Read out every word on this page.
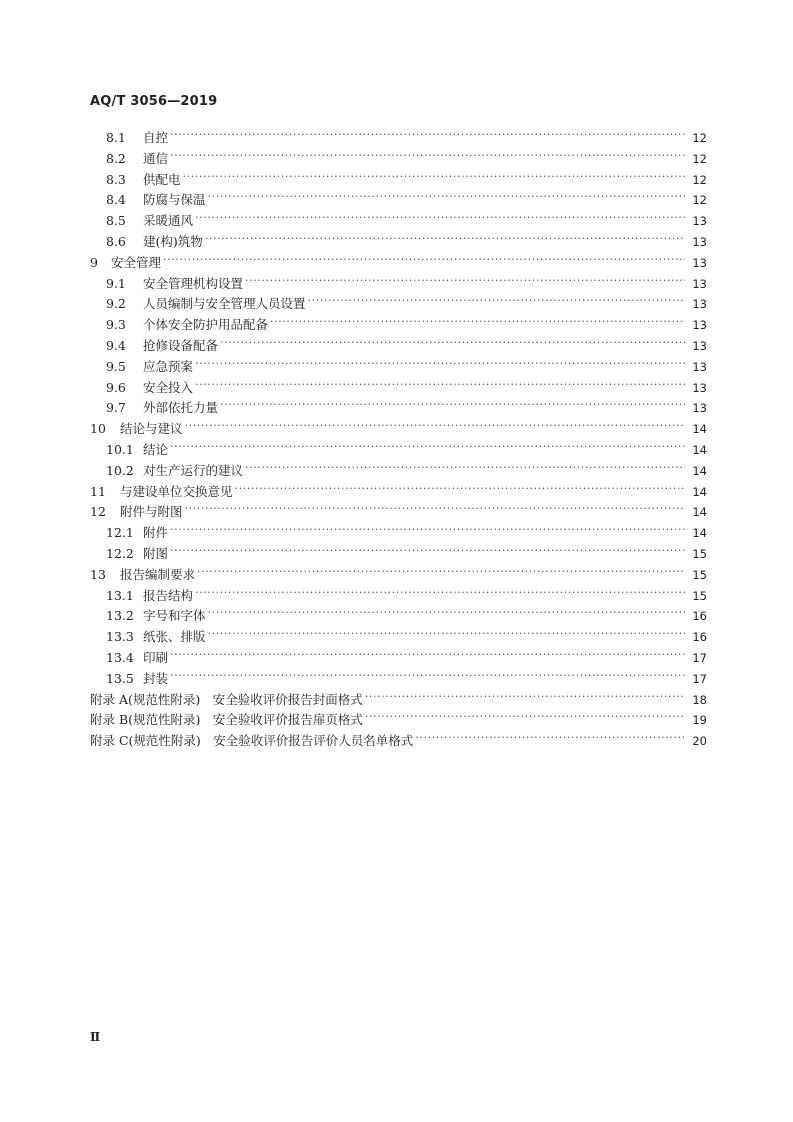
AQ/T 3056—2019
8.1	自控 ·····	12
8.2	通信 ·····	12
8.3	供配电 ·····	12
8.4	防腐与保温 ·····	12
8.5	采暖通风 ·····	13
8.6	建(构)筑物 ·····	13
9	安全管理 ·····	13
9.1	安全管理机构设置 ·····	13
9.2	人员编制与安全管理人员设置 ·····	13
9.3	个体安全防护用品配备 ·····	13
9.4	抢修设备配备 ·····	13
9.5	应急预案 ·····	13
9.6	安全投入 ·····	13
9.7	外部依托力量 ·····	13
10	结论与建议 ·····	14
10.1 结论 ·····	14
10.2 对生产运行的建议 ·····	14
11	与建设单位交换意见 ·····	14
12	附件与附图 ·····	14
12.1 附件 ·····	14
12.2 附图 ·····	15
13	报告编制要求 ·····	15
13.1 报告结构 ·····	15
13.2 字号和字体 ·····	16
13.3 纸张、排版 ·····	16
13.4 印刷 ·····	17
13.5 封装 ·····	17
附录 A(规范性附录)　安全验收评价报告封面格式 ·····	18
附录 B(规范性附录)　安全验收评价报告扉页格式 ·····	19
附录 C(规范性附录)　安全验收评价报告评价人员名单格式 ·····	20
Ⅱ
